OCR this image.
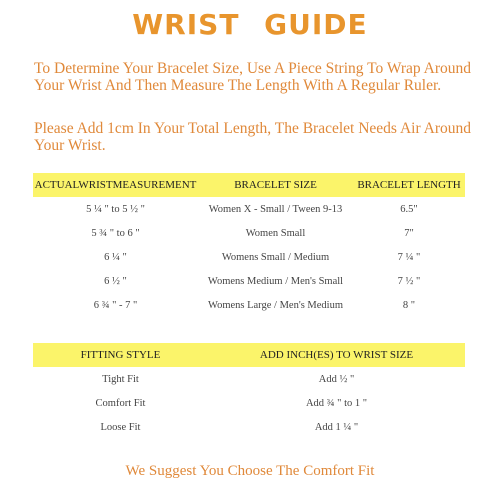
WRIST GUIDE
To Determine Your Bracelet Size, Use A Piece String To Wrap Around Your Wrist And Then Measure The Length With A Regular Ruler.
Please Add 1cm In Your Total Length, The Bracelet Needs Air Around Your Wrist.
ACTUALWRISTMEASUREMENT	BRACELET SIZE	BRACELET LENGTH
5 ¼ " to 5 ½ "	Women X - Small / Tween 9-13	6.5"
5 ¾ " to 6 "	Women Small	7"
6 ¼ "	Womens Small / Medium	7 ¼ "
6 ½ "	Womens Medium / Men's Small	7 ½ "
6 ¾ " - 7 "	Womens Large / Men's Medium	8 "
FITTING STYLE	ADD INCH(ES) TO WRIST SIZE
Tight Fit	Add ½ "
Comfort Fit	Add ¾ " to 1 "
Loose Fit	Add 1 ¼ "
We Suggest You Choose The Comfort Fit
